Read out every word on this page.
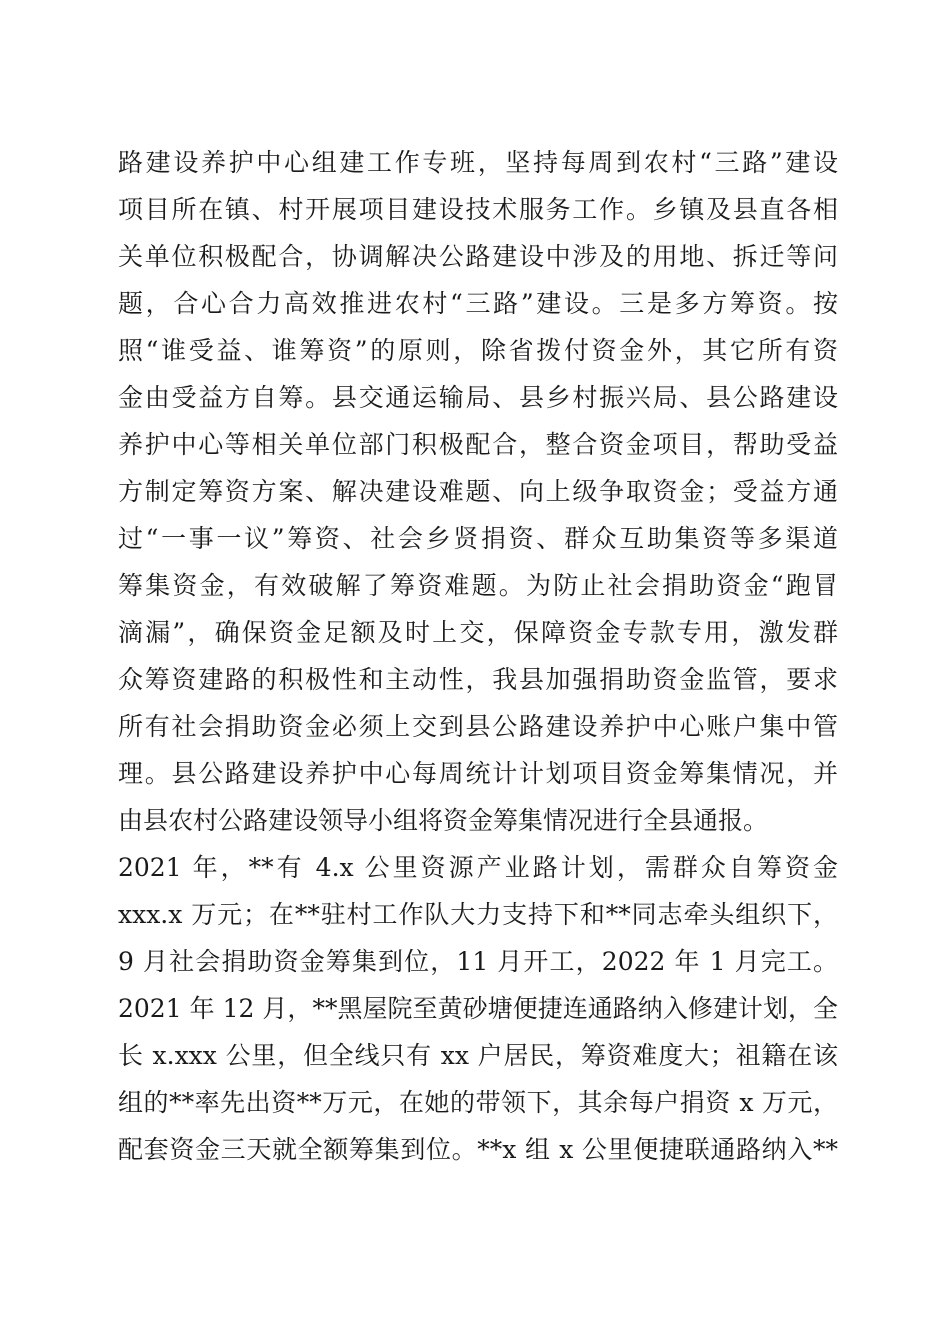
路建设养护中心组建工作专班，坚持每周到农村“三路”建设
项目所在镇、村开展项目建设技术服务工作。乡镇及县直各相
关单位积极配合，协调解决公路建设中涉及的用地、拆迁等问
题，合心合力高效推进农村“三路”建设。三是多方筹资。按
照“谁受益、谁筹资”的原则，除省拨付资金外，其它所有资
金由受益方自筹。县交通运输局、县乡村振兴局、县公路建设
养护中心等相关单位部门积极配合，整合资金项目，帮助受益
方制定筹资方案、解决建设难题、向上级争取资金；受益方通
过“一事一议”筹资、社会乡贤捐资、群众互助集资等多渠道
筹集资金，有效破解了筹资难题。为防止社会捐助资金“跑冒
滴漏”，确保资金足额及时上交，保障资金专款专用，激发群
众筹资建路的积极性和主动性，我县加强捐助资金监管，要求
所有社会捐助资金必须上交到县公路建设养护中心账户集中管
理。县公路建设养护中心每周统计计划项目资金筹集情况，并
由县农村公路建设领导小组将资金筹集情况进行全县通报。
2021 年，**有 4.x 公里资源产业路计划，需群众自筹资金
xxx.x 万元；在**驻村工作队大力支持下和**同志牵头组织下，
9 月社会捐助资金筹集到位，11 月开工，2022 年 1 月完工。
2021 年 12 月，**黑屋院至黄砂塘便捷连通路纳入修建计划，全
长 x.xxx 公里，但全线只有 xx 户居民，筹资难度大；祖籍在该
组的**率先出资**万元，在她的带领下，其余每户捐资 x 万元，
配套资金三天就全额筹集到位。**x 组 x 公里便捷联通路纳入**
